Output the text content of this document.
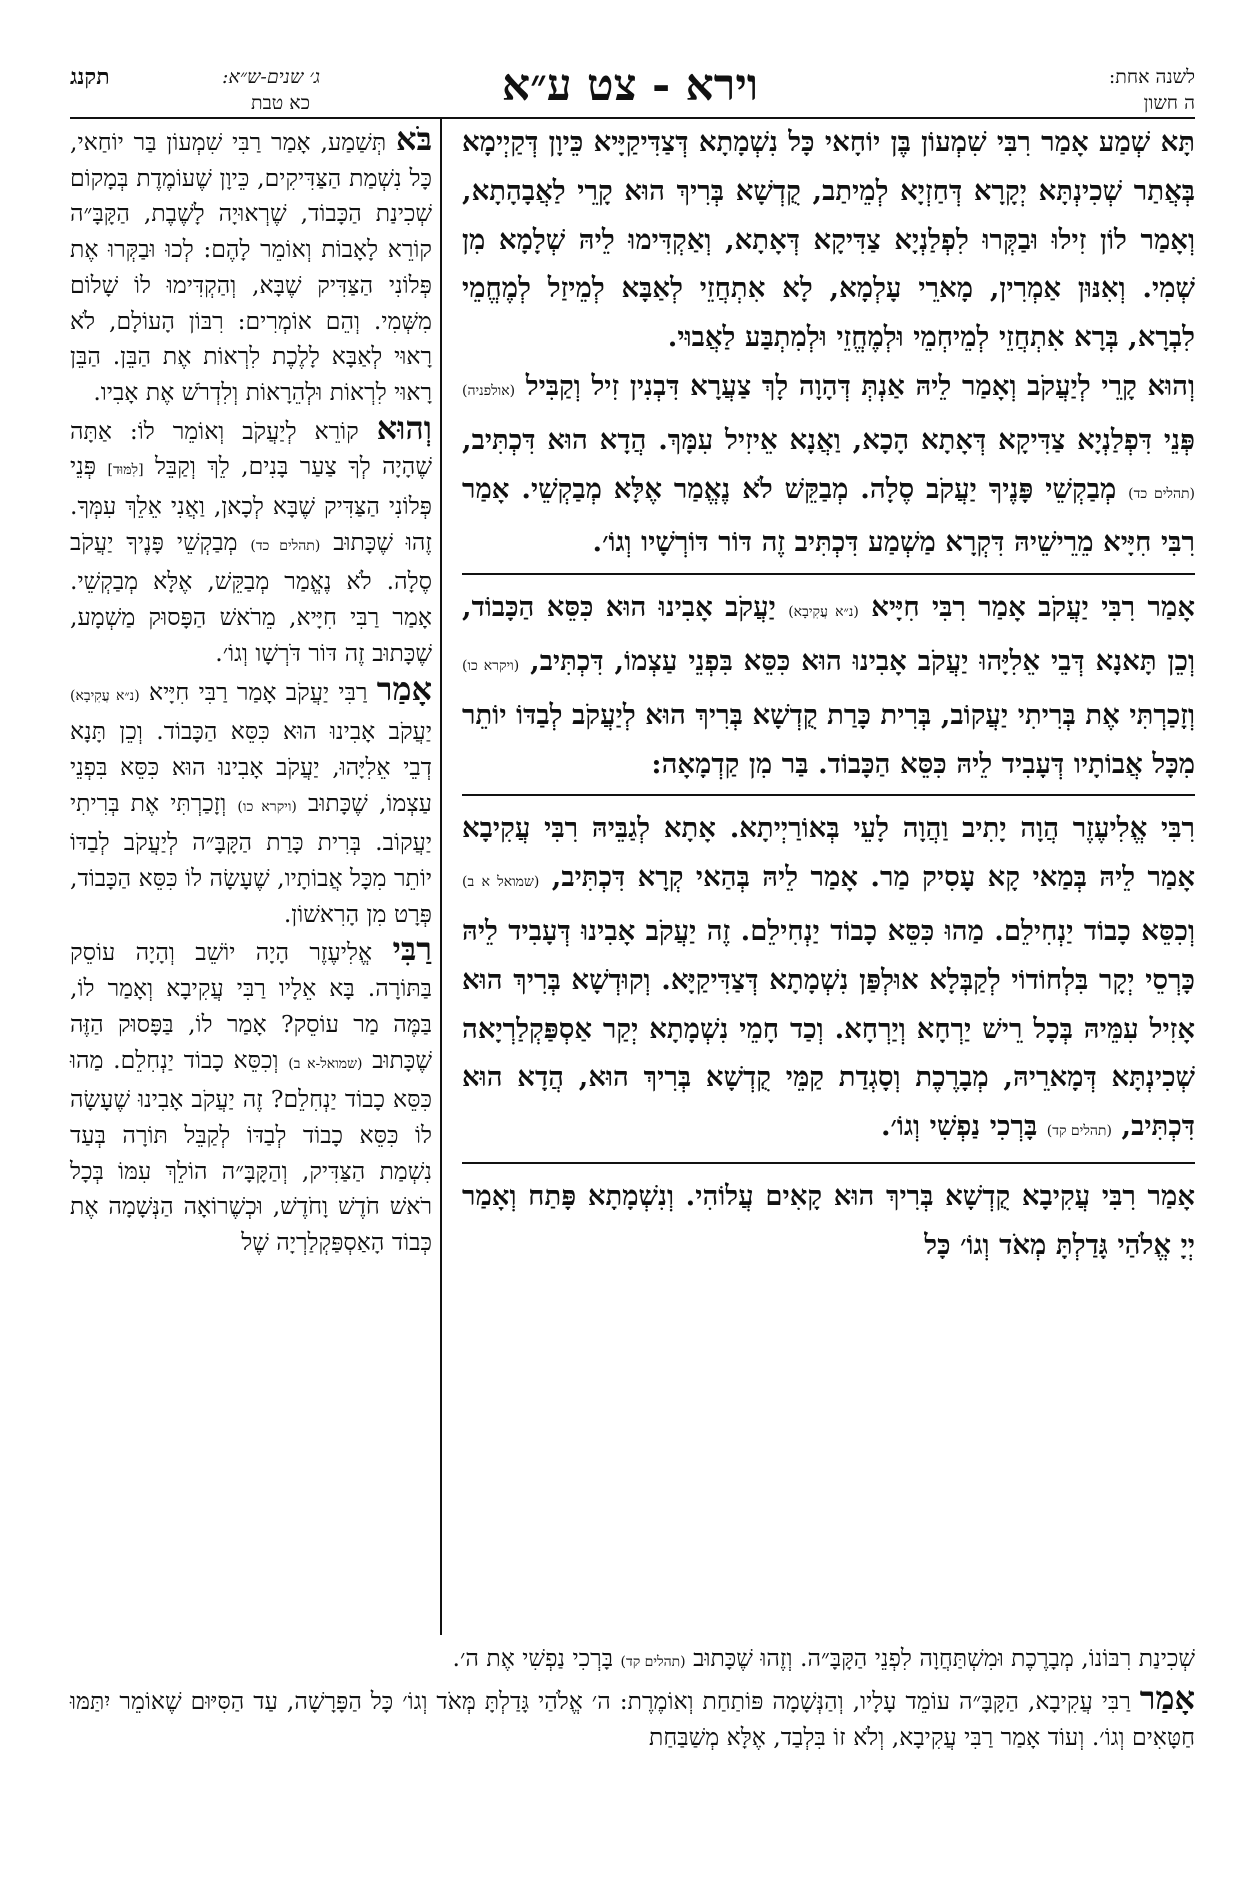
לשנה אחת:
ה חשון
וירא - צט ע״א
ג׳ שנים-ש״א:
כא טבת
תקנג

תָּא שְׁמַע אָמַר רִבִּי שִׁמְעוֹן בֶּן יוֹחָאי כָּל נִשְׁמָתָא דְּצַדִּיקַיָּיא כֵּיוָן דְּקַיְימָא בְּאֲתַר שְׁכִינְתָּא יְקָרָא דְּחַזְיָא לְמֵיתַב, קֻדְשָׁא בְּרִיךְ הוּא קָרֵי לַאֲבָהָתָא, וְאָמַר לוֹן זִילוּ וּבַקְּרוּ לִפְלַנְיָא צַדִּיקָא דְּאָתָא, וְאַקְדִּימוּ לֵיהּ שְׁלָמָא מִן שְׁמִי. וְאִנּוּן אַמְרִין, מָארֵי עָלְמָא, לָא אִתְחֲזֵי לְאַבָּא לְמֵיזַל לְמֶחֱמֵי לִבְרָא, בְּרָא אִתְחֲזֵי לְמֵיחְמֵי וּלְמֶחֱזֵי וּלְמִתְבַּע לַאֲבוּי.

וְהוּא קָרֵי לְיַעֲקֹב וְאָמַר לֵיהּ אַנְתְּ דְּהָוָה לָךְ צַעֲרָא דִּבְנִין זִיל וְקַבִּיל (אולפניה) פְּנֵי דִּפְלַנְיָא צַדִּיקָא דְּאָתָא הָכָא, וַאֲנָא אֵיזִיל עִמָּךְ. הֲדָא הוּא דִּכְתִּיב, (תהלים כד) מְבַקְשֵׁי פָּנֶיךָ יַעֲקֹב סֶלָה. מְבַקֵּשׁ לֹא נֶאֱמַר אֶלָּא מְבַקְשֵׁי. אָמַר רִבִּי חִיָּיא מֵרֵישֵׁיהּ דִּקְרָא מַשְׁמַע דִּכְתִּיב זֶה דּוֹר דּוֹרְשָׁיו וְגוֹ׳.

אָמַר רִבִּי יַעֲקֹב אָמַר רִבִּי חִיָּיא (נ״א עֲקִיבָא) יַעֲקֹב אָבִינוּ הוּא כִּסֵּא הַכָּבוֹד, וְכֵן תָּאנָא דְּבֵי אֵלִיָּהוּ יַעֲקֹב אָבִינוּ הוּא כִּסֵּא בִּפְנֵי עַצְמוֹ, דִּכְתִּיב, (ויקרא כו) וְזָכַרְתִּי אֶת בְּרִיתִי יַעֲקוֹב, בְּרִית כָּרַת קֻדְשָׁא בְּרִיךְ הוּא לְיַעֲקֹב לְבַדּוֹ יוֹתֵר מִכָּל אֲבוֹתָיו דְּעָבִיד לֵיהּ כִּסֵּא הַכָּבוֹד. בַּר מִן קַדְמָאָה:

רִבִּי אֱלִיעֶזֶר הֲוָה יָתִיב וַהֲוָה לָעֵי בְּאוֹרַיְיתָא. אָתָא לְגַבֵּיהּ רִבִּי עֲקִיבָא אָמַר לֵיהּ בְּמַאי קָא עָסִיק מַר. אָמַר לֵיהּ בְּהַאי קְרָא דִּכְתִּיב, (שמואל א ב) וְכִסֵּא כָבוֹד יַנְחִילֵם. מַהוּ כִּסֵּא כָבוֹד יַנְחִילֵם. זֶה יַעֲקֹב אָבִינוּ דְּעָבִיד לֵיהּ כָּרְסֵי יְקָר בִּלְחוֹדוֹי לְקַבְּלָא אוּלְפַּן נִשְׁמָתָא דְּצַדִּיקַיָּא. וְקוּדְשָׁא בְּרִיךְ הוּא אָזִיל עִמֵּיהּ בְּכָל רֵישׁ יַרְחָא וְיַרְחָא. וְכַד חָמֵי נִשְׁמָתָא יְקַר אַסְפַּקְלַרְיָאה שְׁכִינְתָּא דְּמָארֵיהּ, מְבָרֶכֶת וְסָגְדַת קַמֵּי קֻדְשָׁא בְּרִיךְ הוּא, הֲדָא הוּא דִּכְתִּיב, (תהלים קד) בָּרְכִי נַפְשִׁי וְגוֹ׳.

אָמַר רִבִּי עֲקִיבָא קֻדְשָׁא בְּרִיךְ הוּא קָאִים עֲלוֹהִי. וְנִשְׁמָתָא פָּתַח וְאָמַר יְיָ אֱלֹהַי גָּדַלְתָּ מְאֹד וְגוֹ׳ כָּל

בֹּא תְּשַׁמַע, אָמַר רַבִּי שִׁמְעוֹן בַּר יוֹחַאי, כָּל נִשְׁמַת הַצַּדִּיקִים, כֵּיוָן שֶׁעוֹמֶדֶת בְּמָקוֹם שְׁכִינַת הַכָּבוֹד, שֶׁרְאוּיָה לָשֶׁבֶת, הַקָּבָּ״ה קוֹרֵא לָאָבוֹת וְאוֹמֵר לָהֶם: לְכוּ וּבַקְּרוּ אֶת פְּלוֹנִי הַצַּדִּיק שֶׁבָּא, וְהַקְדִּימוּ לוֹ שָׁלוֹם מִשְּׁמִי. וְהֵם אוֹמְרִים: רִבּוֹן הָעוֹלָם, לֹא רָאוּי לְאַבָּא לָלֶכֶת לִרְאוֹת אֶת הַבֵּן. הַבֵּן רָאוּי לִרְאוֹת וּלְהֵרָאוֹת וְלִדְרֹשׁ אֶת אָבִיו.

וְהוּא קוֹרֵא לְיַעֲקֹב וְאוֹמֵר לוֹ: אַתָּה שֶׁהָיָה לְךָ צַעַר בָּנִים, לֵךְ וְקַבֵּל [לִמּוּד] פְּנֵי פְּלוֹנִי הַצַּדִּיק שֶׁבָּא לְכָאן, וַאֲנִי אֵלֵךְ עִמְּךָ. זֶהוּ שֶׁכָּתוּב (תהלים כד) מְבַקְשֵׁי פָּנֶיךָ יַעֲקֹב סֶלָה. לֹא נֶאֱמַר מְבַקֵּשׁ, אֶלָּא מְבַקְשֵׁי. אָמַר רַבִּי חִיָּיא, מֵרֹאשׁ הַפָּסוּק מַשְׁמָע, שֶׁכָּתוּב זֶה דּוֹר דֹּרְשָׁו וְגוֹ׳.

אָמַר רַבִּי יַעֲקֹב אָמַר רַבִּי חִיָּיא (נ״א עֲקִיבָא) יַעֲקֹב אָבִינוּ הוּא כִּסֵּא הַכָּבוֹד. וְכֵן תָּנָא דְבֵי אֵלִיָּהוּ, יַעֲקֹב אָבִינוּ הוּא כִּסֵּא בִּפְנֵי עַצְמוֹ, שֶׁכָּתוּב (ויקרא כו) וְזָכַרְתִּי אֶת בְּרִיתִי יַעֲקוֹב. בְּרִית כָּרַת הַקָּבָּ״ה לְיַעֲקֹב לְבַדּוֹ יוֹתֵר מִכָּל אֲבוֹתָיו, שֶׁעָשָׂה לוֹ כִּסֵּא הַכָּבוֹד, פְּרָט מִן הָרִאשׁוֹן.

רַבִּי אֱלִיעֶזֶר הָיָה יוֹשֵׁב וְהָיָה עוֹסֵק בַּתּוֹרָה. בָּא אֵלָיו רַבִּי עֲקִיבָא וְאָמַר לוֹ, בַּמֶּה מַר עוֹסֵק? אָמַר לוֹ, בַּפָּסוּק הַזֶּה שֶׁכָּתוּב (שמואל-א ב) וְכִסֵּא כָבוֹד יַנְחִלֵם. מַהוּ כִּסֵּא כָבוֹד יַנְחִלֵם? זֶה יַעֲקֹב אָבִינוּ שֶׁעָשָׂה לוֹ כִּסֵּא כָבוֹד לְבַדּוֹ לְקַבֵּל תּוֹרָה בְּעַד נִשְׁמַת הַצַּדִּיק, וְהַקָּבָּ״ה הוֹלֵךְ עִמּוֹ בְּכָל רֹאשׁ חֹדֶשׁ וָחֹדֶשׁ, וּכְשֶׁרוֹאָה הַנְּשָׁמָה אֶת כְּבוֹד הָאַסְפַּקְלַרְיָה שֶׁל

שְׁכִינַת רִבּוֹנוֹ, מְבָרֶכֶת וּמִשְׁתַּחֲוָה לִפְנֵי הַקָּבָּ״ה. וְזֶהוּ שֶׁכָּתוּב (תהלים קד) בָּרְכִי נַפְשִׁי אֶת ה׳.
אָמַר רַבִּי עֲקִיבָא, הַקָּבָּ״ה עוֹמֵד עָלָיו, וְהַנְּשָׁמָה פּוֹתַחַת וְאוֹמֶרֶת: ה׳ אֱלֹהַי גָּדַלְתָּ מְּאֹד וְגוֹ׳ כָּל הַפָּרָשָׁה, עַד הַסִּיּוּם שֶׁאוֹמֵר יִתַּמּוּ חַטָּאִים וְגוֹ׳. וְעוֹד אָמַר רַבִּי עֲקִיבָא, וְלֹא זוֹ בִּלְבַד, אֶלָּא מְשַׁבַּחַת
